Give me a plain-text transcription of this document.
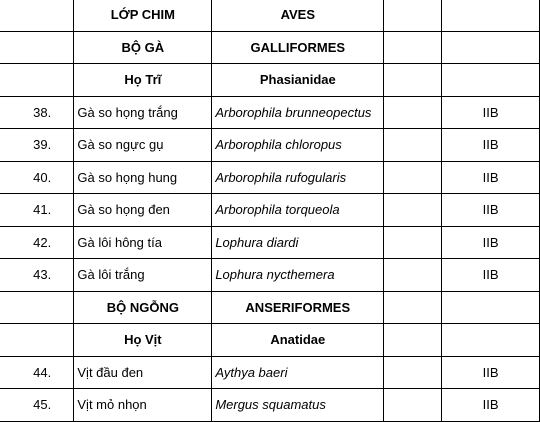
	LỚP CHIM	AVES		
	BỘ GÀ	GALLIFORMES		
	Họ Trĩ	Phasianidae		
38.	Gà so họng trắng	Arborophila brunneopectus		IIB
39.	Gà so ngực gụ	Arborophila chloropus		IIB
40.	Gà so họng hung	Arborophila rufogularis		IIB
41.	Gà so họng đen	Arborophila torqueola		IIB
42.	Gà lôi hông tía	Lophura diardi		IIB
43.	Gà lôi trắng	Lophura nycthemera		IIB
	BỘ NGỖNG	ANSERIFORMES		
	Họ Vịt	Anatidae		
44.	Vịt đầu đen	Aythya baeri		IIB
45.	Vịt mỏ nhọn	Mergus squamatus		IIB
